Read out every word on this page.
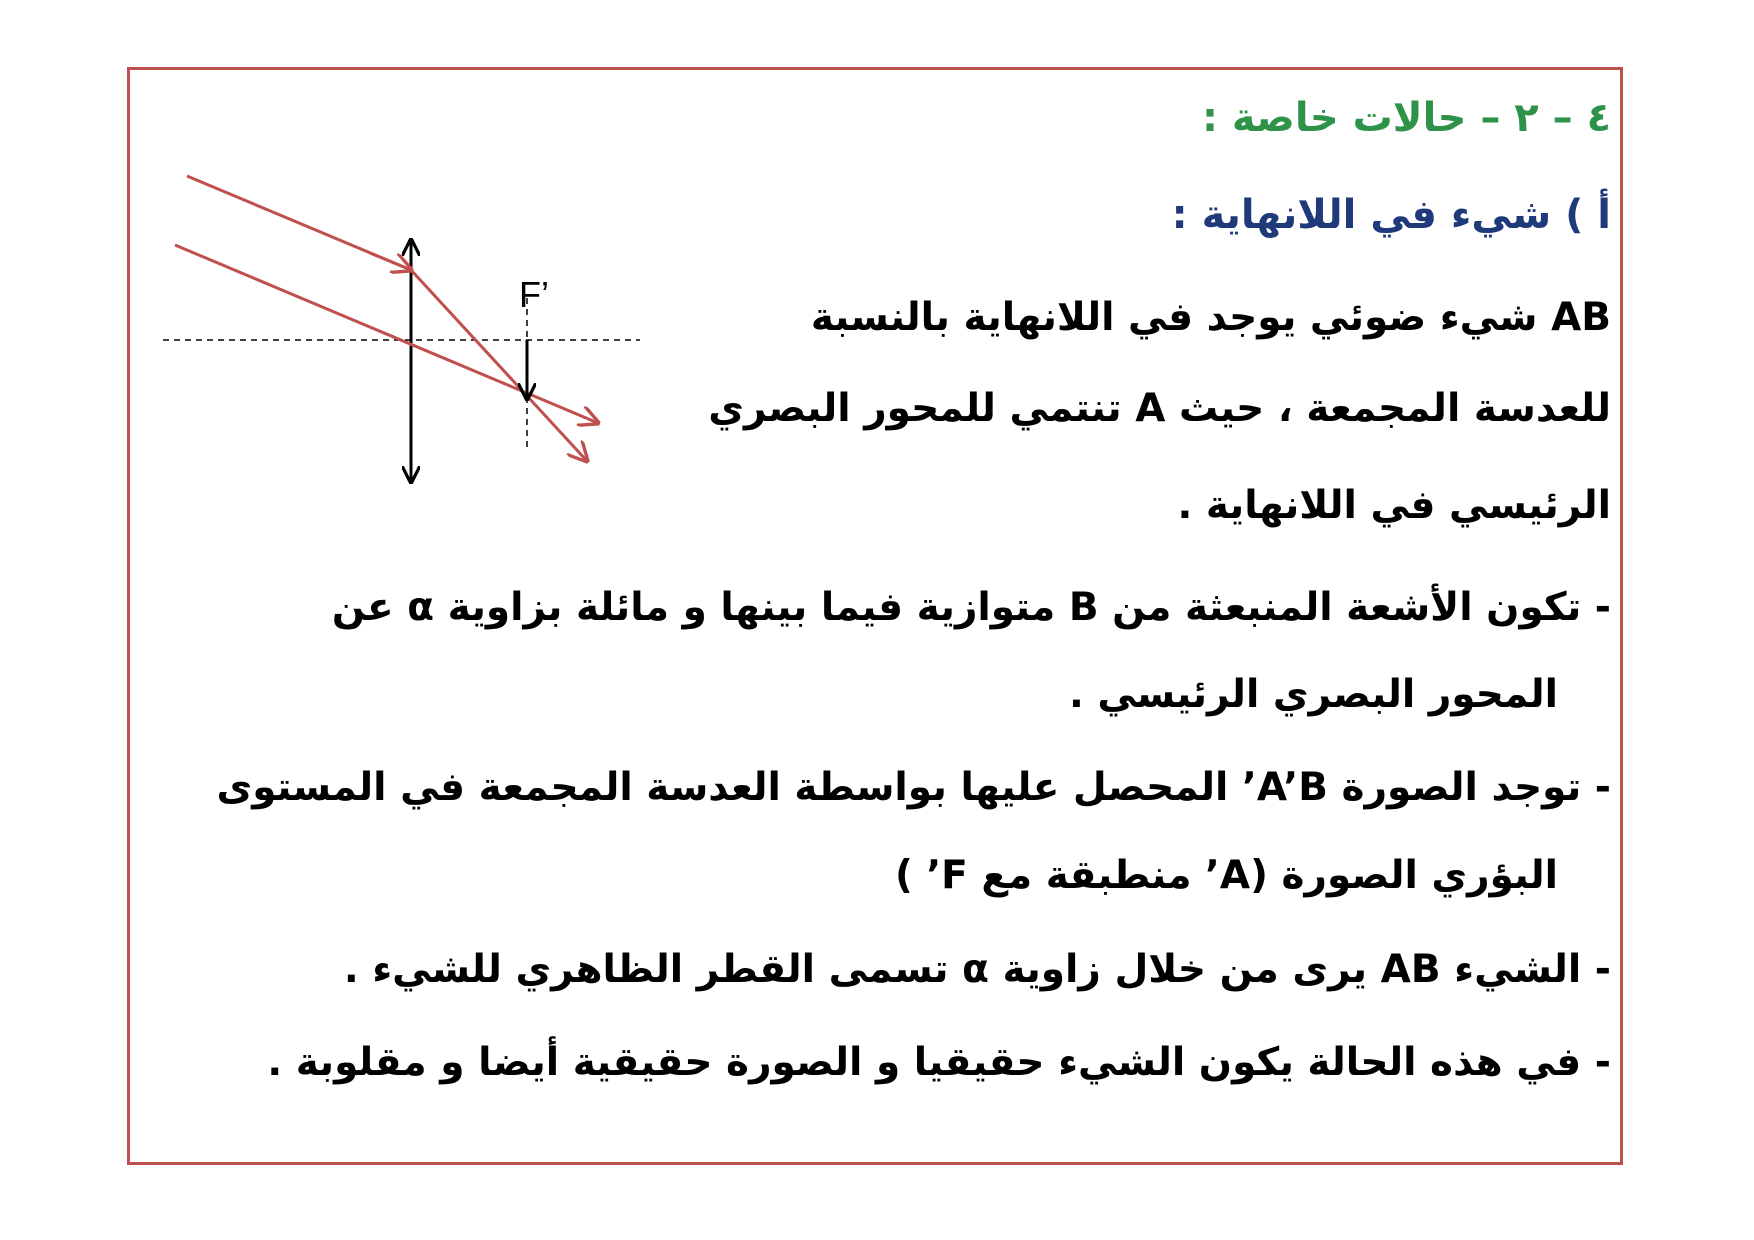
٤ – ٢ – حالات خاصة :
أ ) شيء في اللانهاية :
AB شيء ضوئي يوجد في اللانهاية بالنسبة
للعدسة المجمعة ، حيث A تنتمي للمحور البصري
الرئيسي في اللانهاية .
- تكون الأشعة المنبعثة من B متوازية فيما بينها و مائلة بزاوية α عن
المحور البصري الرئيسي .
- توجد الصورة A’B’ المحصل عليها بواسطة العدسة المجمعة في المستوى
البؤري الصورة (A’ منطبقة مع F’ )
- الشيء AB يرى من خلال زاوية α تسمى القطر الظاهري للشيء .
- في هذه الحالة يكون الشيء حقيقيا و الصورة حقيقية أيضا و مقلوبة .
F’
